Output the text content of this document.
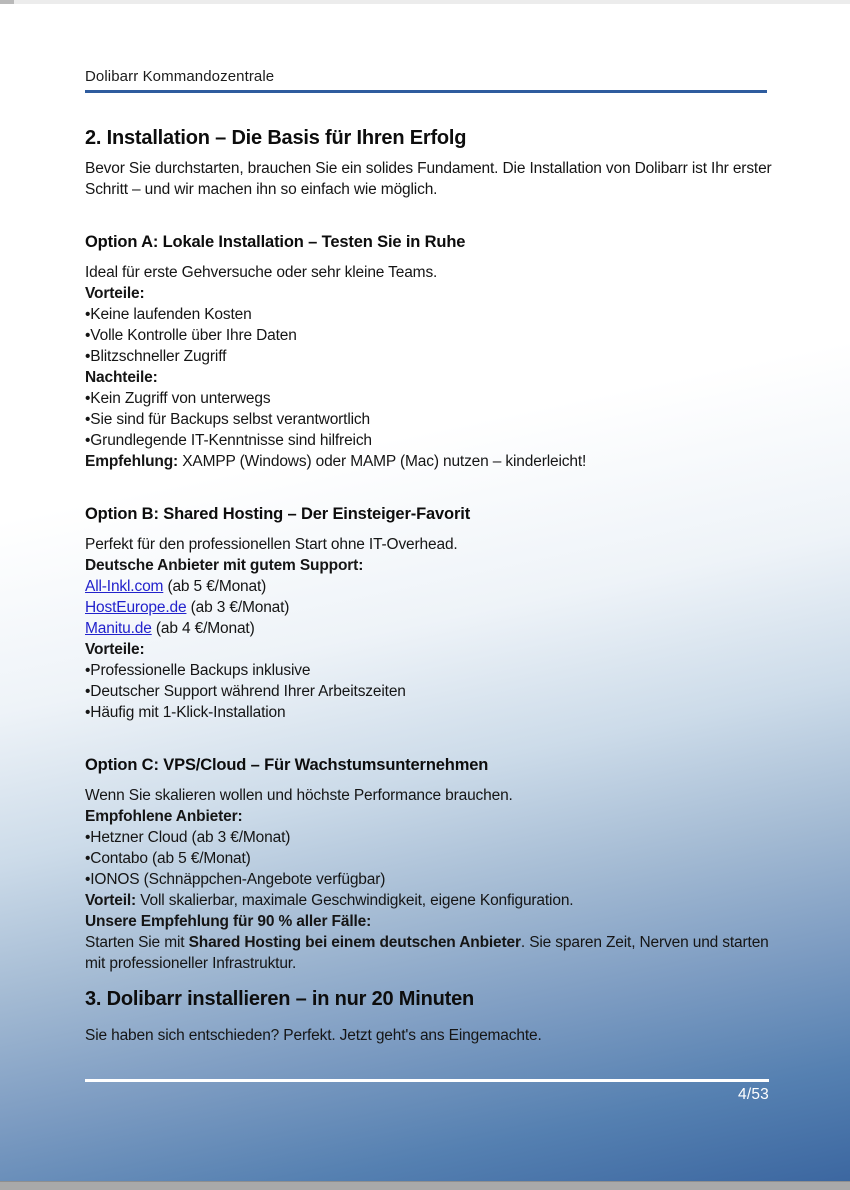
Dolibarr Kommandozentrale
2. Installation – Die Basis für Ihren Erfolg
Bevor Sie durchstarten, brauchen Sie ein solides Fundament. Die Installation von Dolibarr ist Ihr erster Schritt – und wir machen ihn so einfach wie möglich.
Option A: Lokale Installation – Testen Sie in Ruhe
Ideal für erste Gehversuche oder sehr kleine Teams.
Vorteile:
•Keine laufenden Kosten
•Volle Kontrolle über Ihre Daten
•Blitzschneller Zugriff
Nachteile:
•Kein Zugriff von unterwegs
•Sie sind für Backups selbst verantwortlich
•Grundlegende IT-Kenntnisse sind hilfreich
Empfehlung: XAMPP (Windows) oder MAMP (Mac) nutzen – kinderleicht!
Option B: Shared Hosting – Der Einsteiger-Favorit
Perfekt für den professionellen Start ohne IT-Overhead.
Deutsche Anbieter mit gutem Support:
All-Inkl.com (ab 5 €/Monat)
HostEurope.de (ab 3 €/Monat)
Manitu.de (ab 4 €/Monat)
Vorteile:
•Professionelle Backups inklusive
•Deutscher Support während Ihrer Arbeitszeiten
•Häufig mit 1-Klick-Installation
Option C: VPS/Cloud – Für Wachstumsunternehmen
Wenn Sie skalieren wollen und höchste Performance brauchen.
Empfohlene Anbieter:
•Hetzner Cloud (ab 3 €/Monat)
•Contabo (ab 5 €/Monat)
•IONOS (Schnäppchen-Angebote verfügbar)
Vorteil: Voll skalierbar, maximale Geschwindigkeit, eigene Konfiguration.
Unsere Empfehlung für 90 % aller Fälle:
Starten Sie mit Shared Hosting bei einem deutschen Anbieter. Sie sparen Zeit, Nerven und starten mit professioneller Infrastruktur.
3. Dolibarr installieren – in nur 20 Minuten
Sie haben sich entschieden? Perfekt. Jetzt geht's ans Eingemachte.
4/53
